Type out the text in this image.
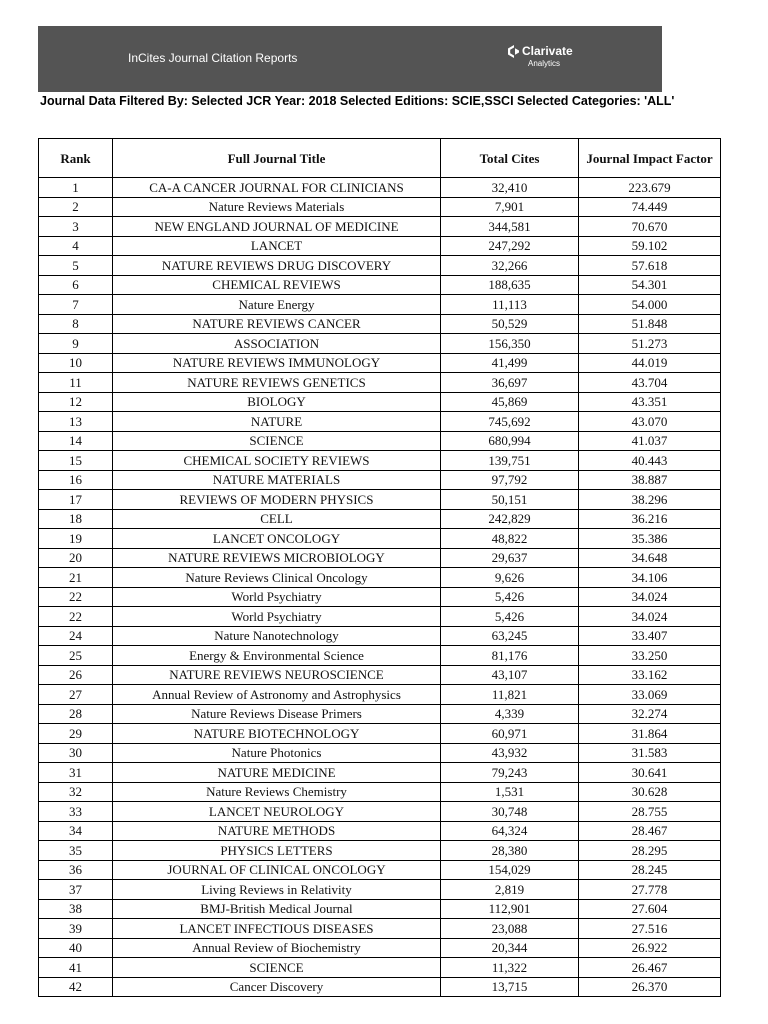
InCites Journal Citation Reports	Clarivate
Analytics
Journal Data Filtered By: Selected JCR Year: 2018 Selected Editions: SCIE,SSCI Selected Categories: 'ALL'
Rank	Full Journal Title	Total Cites	Journal Impact Factor
1	CA-A CANCER JOURNAL FOR CLINICIANS	32,410	223.679
2	Nature Reviews Materials	7,901	74.449
3	NEW ENGLAND JOURNAL OF MEDICINE	344,581	70.670
4	LANCET	247,292	59.102
5	NATURE REVIEWS DRUG DISCOVERY	32,266	57.618
6	CHEMICAL REVIEWS	188,635	54.301
7	Nature Energy	11,113	54.000
8	NATURE REVIEWS CANCER	50,529	51.848
9	ASSOCIATION	156,350	51.273
10	NATURE REVIEWS IMMUNOLOGY	41,499	44.019
11	NATURE REVIEWS GENETICS	36,697	43.704
12	BIOLOGY	45,869	43.351
13	NATURE	745,692	43.070
14	SCIENCE	680,994	41.037
15	CHEMICAL SOCIETY REVIEWS	139,751	40.443
16	NATURE MATERIALS	97,792	38.887
17	REVIEWS OF MODERN PHYSICS	50,151	38.296
18	CELL	242,829	36.216
19	LANCET ONCOLOGY	48,822	35.386
20	NATURE REVIEWS MICROBIOLOGY	29,637	34.648
21	Nature Reviews Clinical Oncology	9,626	34.106
22	World Psychiatry	5,426	34.024
22	World Psychiatry	5,426	34.024
24	Nature Nanotechnology	63,245	33.407
25	Energy & Environmental Science	81,176	33.250
26	NATURE REVIEWS NEUROSCIENCE	43,107	33.162
27	Annual Review of Astronomy and Astrophysics	11,821	33.069
28	Nature Reviews Disease Primers	4,339	32.274
29	NATURE BIOTECHNOLOGY	60,971	31.864
30	Nature Photonics	43,932	31.583
31	NATURE MEDICINE	79,243	30.641
32	Nature Reviews Chemistry	1,531	30.628
33	LANCET NEUROLOGY	30,748	28.755
34	NATURE METHODS	64,324	28.467
35	PHYSICS LETTERS	28,380	28.295
36	JOURNAL OF CLINICAL ONCOLOGY	154,029	28.245
37	Living Reviews in Relativity	2,819	27.778
38	BMJ-British Medical Journal	112,901	27.604
39	LANCET INFECTIOUS DISEASES	23,088	27.516
40	Annual Review of Biochemistry	20,344	26.922
41	SCIENCE	11,322	26.467
42	Cancer Discovery	13,715	26.370
